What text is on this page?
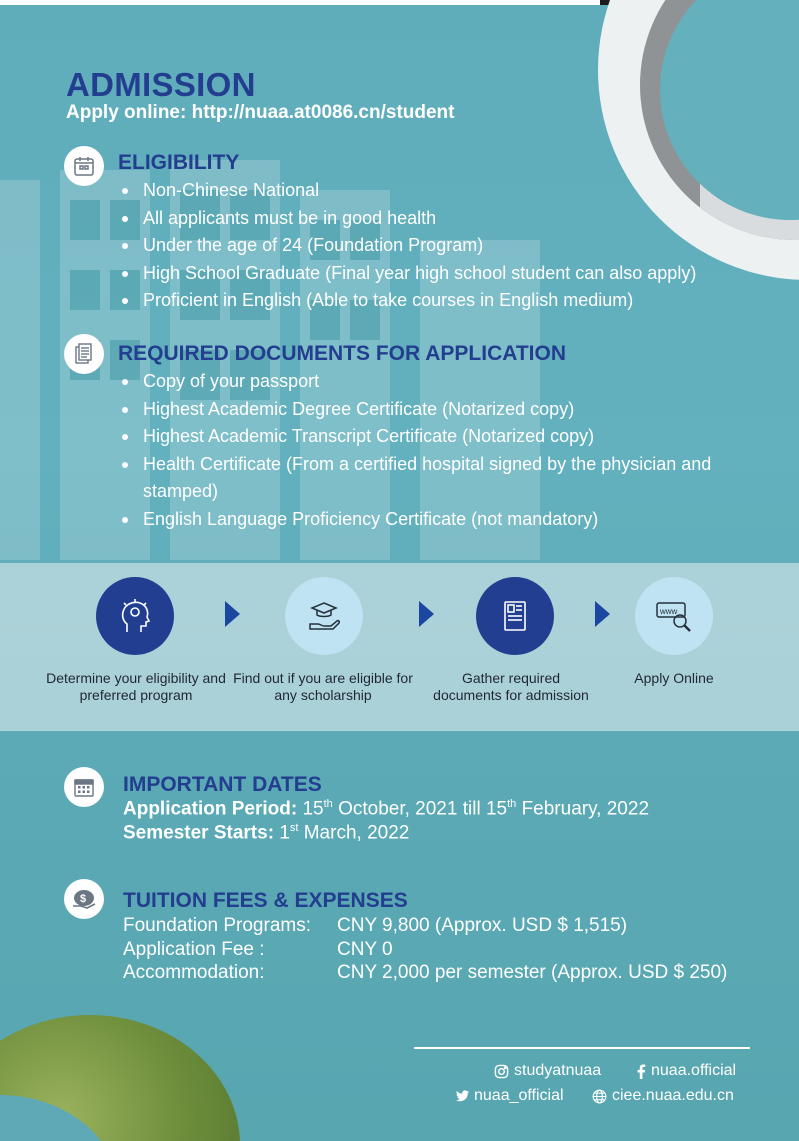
ADMISSION
Apply online: http://nuaa.at0086.cn/student
ELIGIBILITY
Non-Chinese National
All applicants must be in good health
Under the age of 24 (Foundation Program)
High School Graduate (Final year high school student can also apply)
Proficient in English (Able to take courses in English medium)
REQUIRED DOCUMENTS FOR APPLICATION
Copy of your passport
Highest Academic Degree Certificate (Notarized copy)
Highest Academic Transcript Certificate (Notarized copy)
Health Certificate (From a certified hospital signed by the physician and stamped)
English Language Proficiency Certificate (not mandatory)
www
Determine your eligibility and preferred program
Find out if you are eligible for any scholarship
Gather required documents for admission
Apply Online
IMPORTANT DATES
Application Period: 15th October, 2021 till 15th February, 2022
Semester Starts: 1st March, 2022
$ TUITION FEES & EXPENSES
Foundation Programs: CNY 9,800 (Approx. USD $ 1,515)
Application Fee :	CNY 0
Accommodation:	CNY 2,000 per semester (Approx. USD $ 250)
studyatnuaa	nuaa.official
nuaa_official	ciee.nuaa.edu.cn
